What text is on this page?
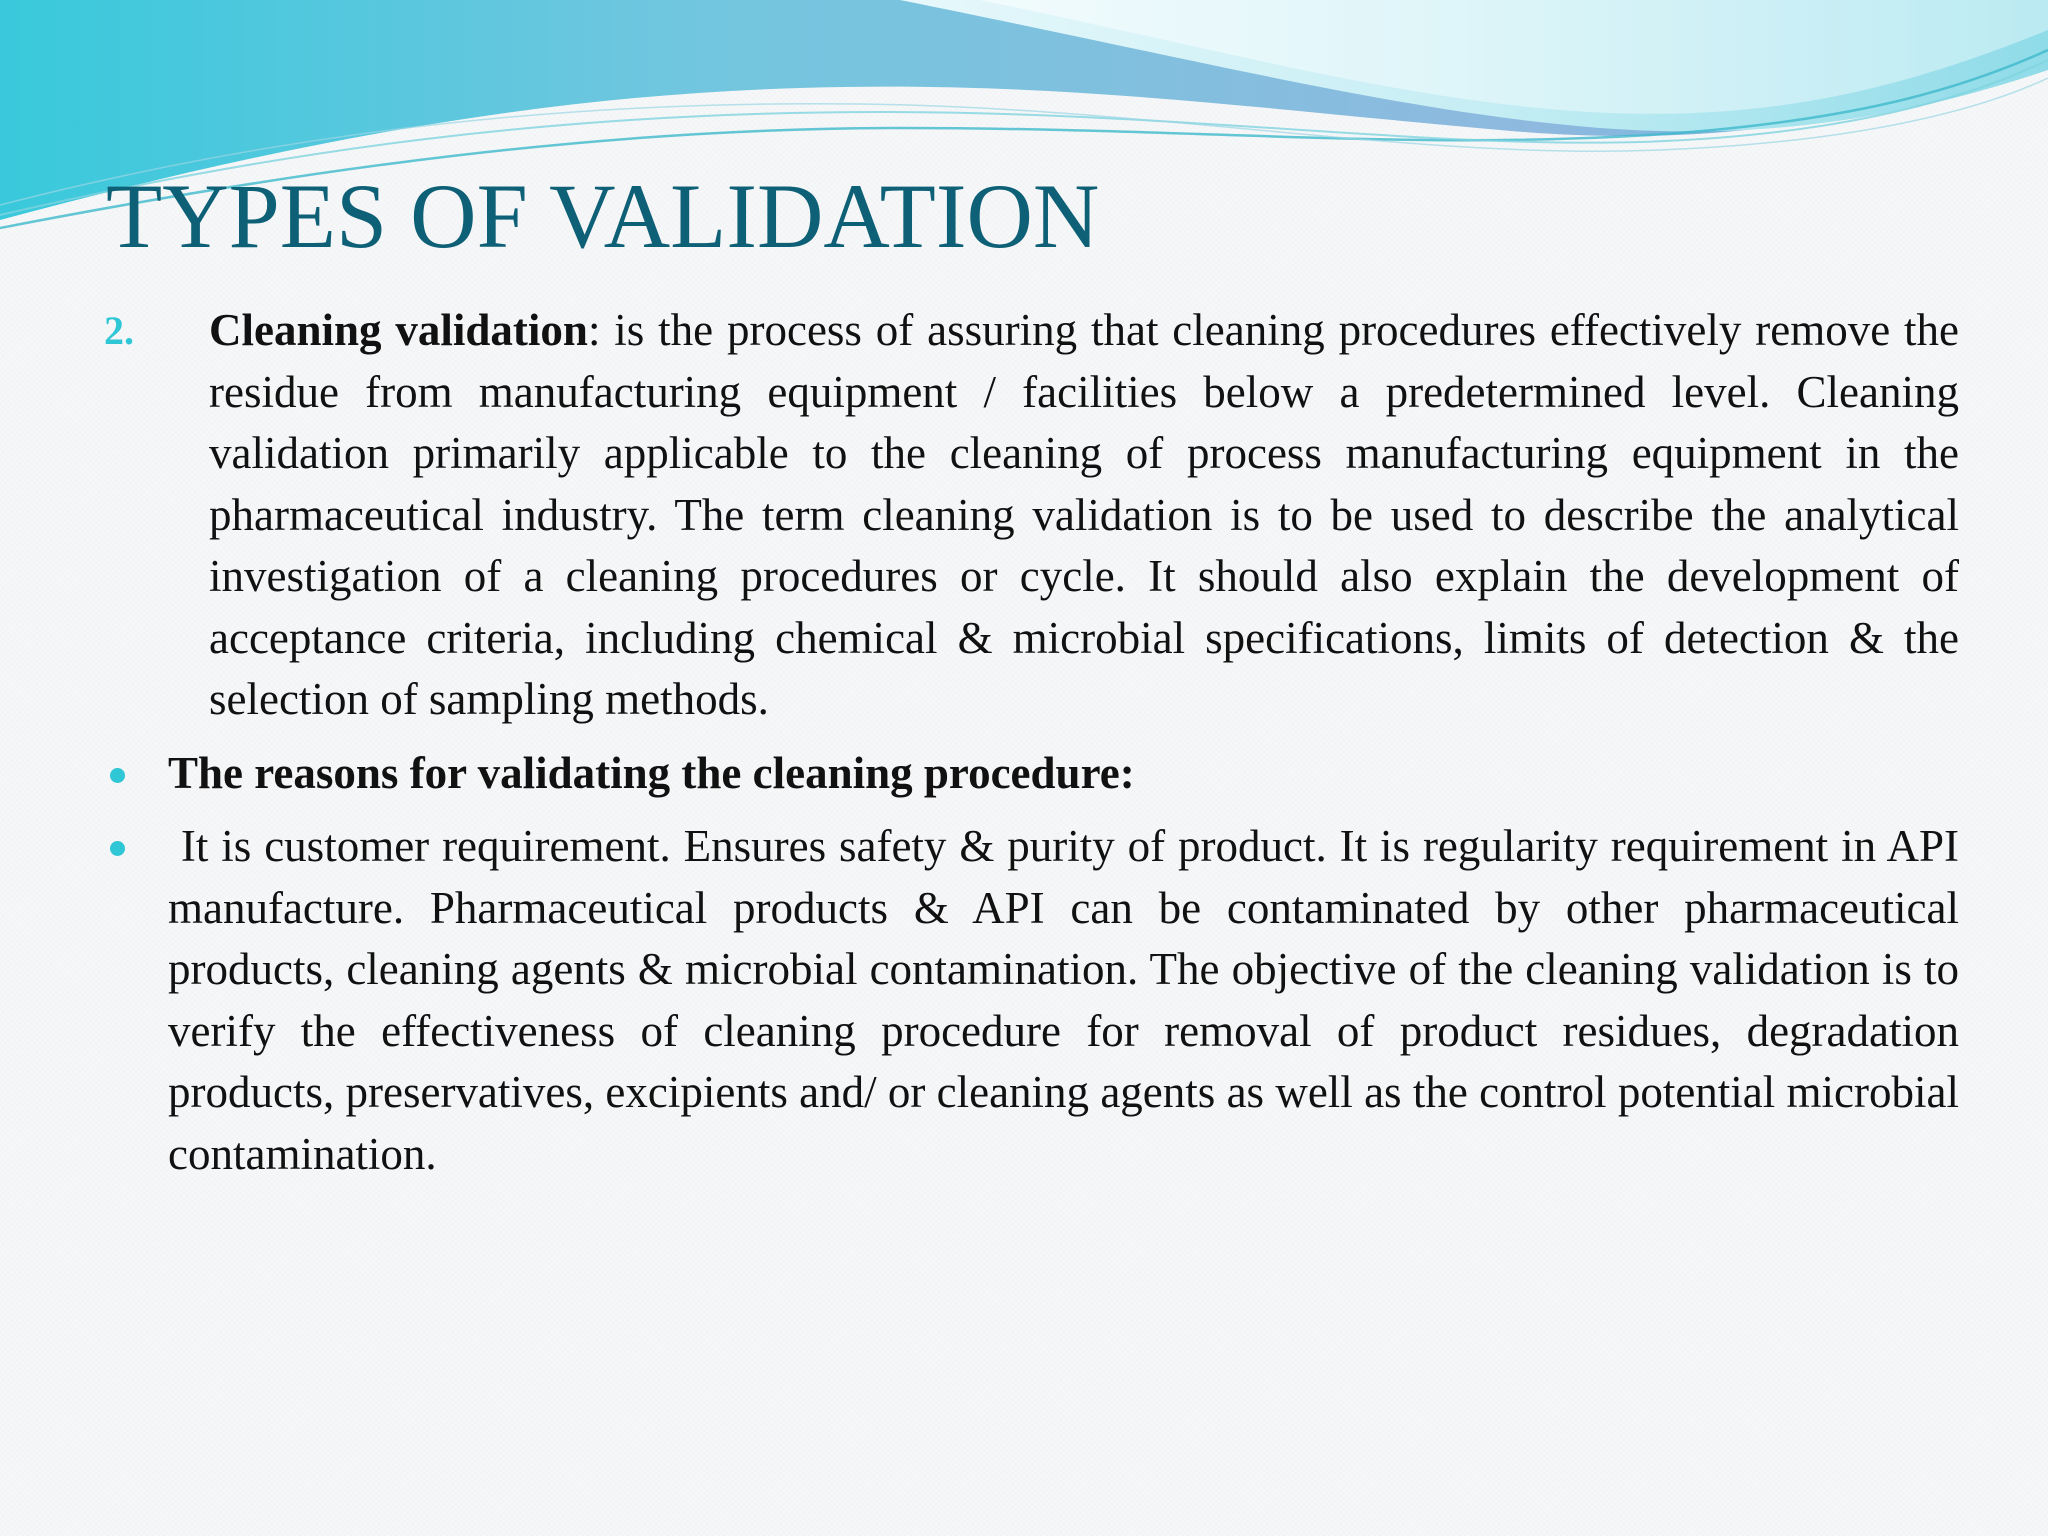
TYPES OF VALIDATION
2. Cleaning validation: is the process of assuring that cleaning procedures effectively remove the residue from manufacturing equipment / facilities below a predetermined level. Cleaning validation primarily applicable to the cleaning of process manufacturing equipment in the pharmaceutical industry. The term cleaning validation is to be used to describe the analytical investigation of a cleaning procedures or cycle. It should also explain the development of acceptance criteria, including chemical & microbial specifications, limits of detection & the selection of sampling methods.
The reasons for validating the cleaning procedure:
It is customer requirement. Ensures safety & purity of product. It is regularity requirement in API manufacture. Pharmaceutical products & API can be contaminated by other pharmaceutical products, cleaning agents & microbial contamination. The objective of the cleaning validation is to verify the effectiveness of cleaning procedure for removal of product residues, degradation products, preservatives, excipients and/ or cleaning agents as well as the control potential microbial contamination.
